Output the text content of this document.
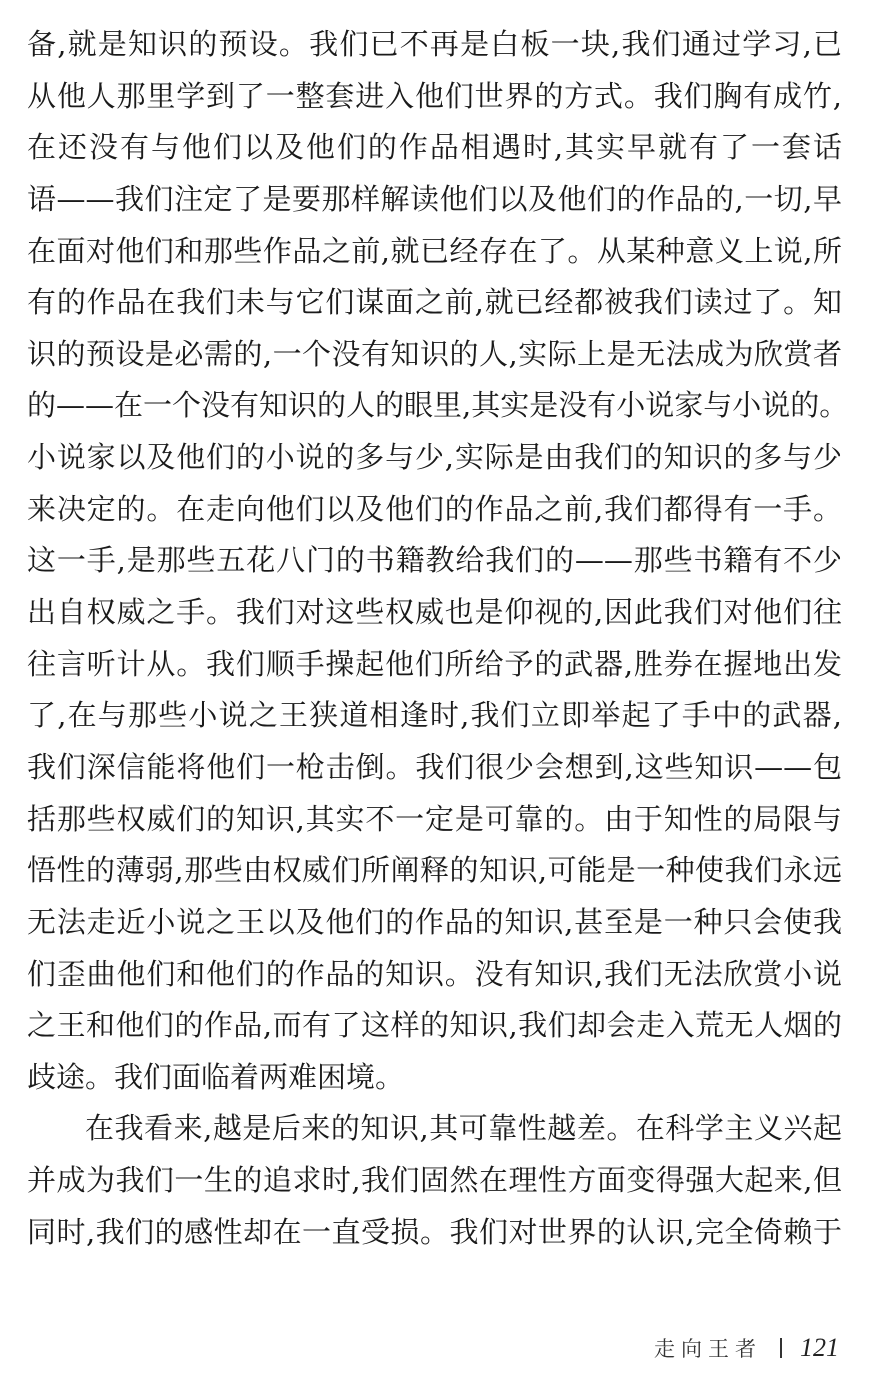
备,就是知识的预设。我们已不再是白板一块,我们通过学习,已
从他人那里学到了一整套进入他们世界的方式。我们胸有成竹,
在还没有与他们以及他们的作品相遇时,其实早就有了一套话
语——我们注定了是要那样解读他们以及他们的作品的,一切,早
在面对他们和那些作品之前,就已经存在了。从某种意义上说,所
有的作品在我们未与它们谋面之前,就已经都被我们读过了。知
识的预设是必需的,一个没有知识的人,实际上是无法成为欣赏者
的——在一个没有知识的人的眼里,其实是没有小说家与小说的。
小说家以及他们的小说的多与少,实际是由我们的知识的多与少
来决定的。在走向他们以及他们的作品之前,我们都得有一手。
这一手,是那些五花八门的书籍教给我们的——那些书籍有不少
出自权威之手。我们对这些权威也是仰视的,因此我们对他们往
往言听计从。我们顺手操起他们所给予的武器,胜券在握地出发
了,在与那些小说之王狭道相逢时,我们立即举起了手中的武器,
我们深信能将他们一枪击倒。我们很少会想到,这些知识——包
括那些权威们的知识,其实不一定是可靠的。由于知性的局限与
悟性的薄弱,那些由权威们所阐释的知识,可能是一种使我们永远
无法走近小说之王以及他们的作品的知识,甚至是一种只会使我
们歪曲他们和他们的作品的知识。没有知识,我们无法欣赏小说
之王和他们的作品,而有了这样的知识,我们却会走入荒无人烟的
歧途。我们面临着两难困境。
在我看来,越是后来的知识,其可靠性越差。在科学主义兴起
并成为我们一生的追求时,我们固然在理性方面变得强大起来,但
同时,我们的感性却在一直受损。我们对世界的认识,完全倚赖于
走向王者 121
